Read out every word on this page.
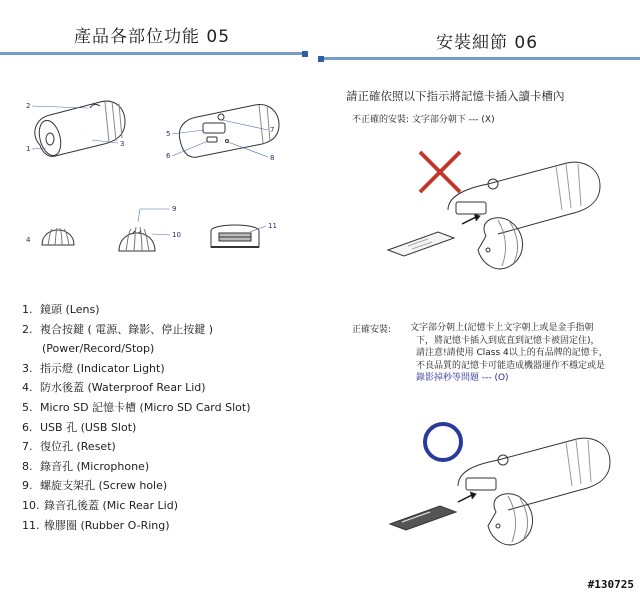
產品各部位功能 05
2
1
3
5
6
7
8
4
9
10
11
1. 鏡頭 (Lens)
2. 複合按鍵 ( 電源、錄影、停止按鍵 )
(Power/Record/Stop)
3. 指示燈 (Indicator Light)
4. 防水後蓋 (Waterproof Rear Lid)
5. Micro SD 記憶卡槽 (Micro SD Card Slot)
6. USB 孔 (USB Slot)
7. 復位孔 (Reset)
8. 錄音孔 (Microphone)
9. 螺旋支架孔 (Screw hole)
10. 錄音孔後蓋 (Mic Rear Lid)
11. 橡膠圈 (Rubber O-Ring)
安裝細節 06
請正確依照以下指示將記憶卡插入讀卡槽內
不正確的安裝: 文字部分朝下 --- (X)
正確安裝: 文字部分朝上(記憶卡上文字朝上或是金手指朝
下，將記憶卡插入到底直到記憶卡被固定住)，
請注意!請使用 Class 4以上的有品牌的記憶卡，
不良品質的記憶卡可能造成機器運作不穩定或是
錄影掉秒等問題 --- (O)
#130725
